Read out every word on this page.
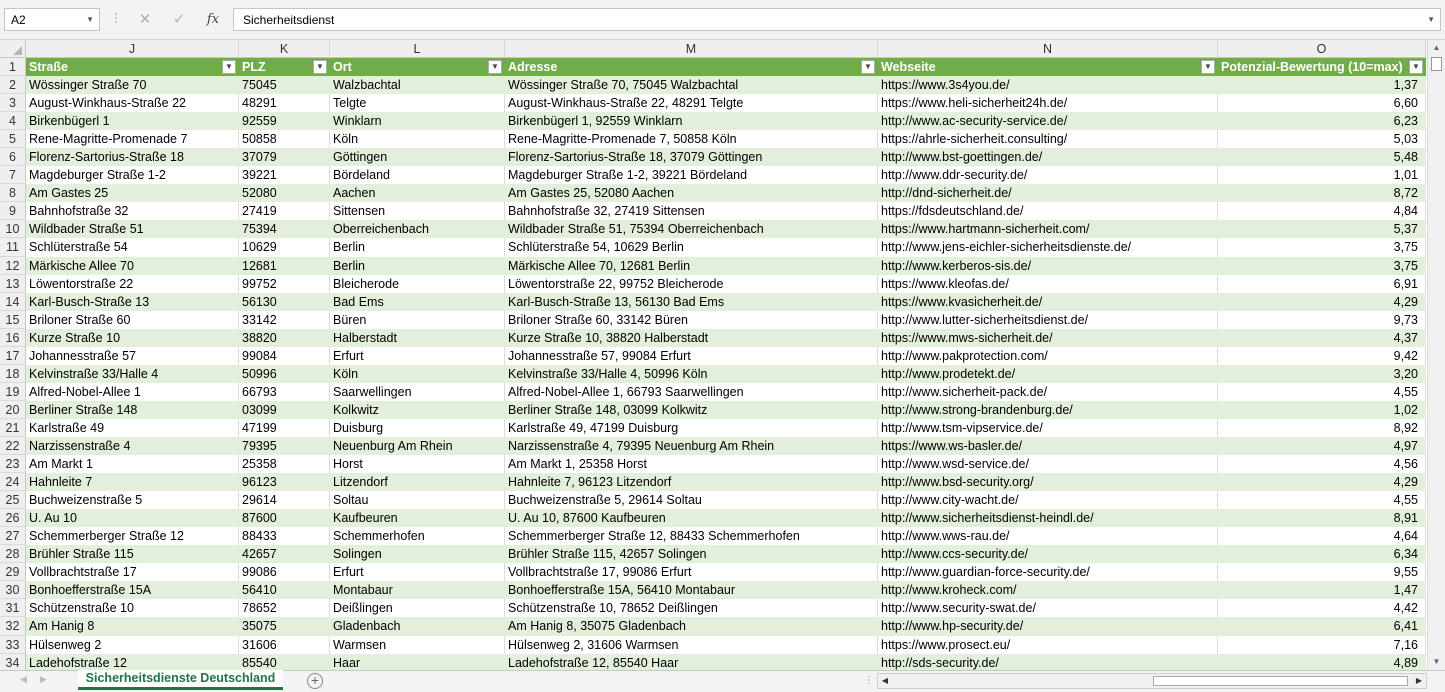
A2	▼ ⋮	✕	✓	fx	Sicherheitsdienst	▼
J	K	L	M	N	O
1	Straße	▼ PLZ	▼ Ort	▼ Adresse	▼ Webseite	▼ Potenzial-Bewertung (10=max)	▼
2	Wössinger Straße 70	75045	Walzbachtal	Wössinger Straße 70, 75045 Walzbachtal	https://www.3s4you.de/	1,37
3	August-Winkhaus-Straße 22	48291	Telgte	August-Winkhaus-Straße 22, 48291 Telgte	https://www.heli-sicherheit24h.de/	6,60
4	Birkenbügerl 1	92559	Winklarn	Birkenbügerl 1, 92559 Winklarn	http://www.ac-security-service.de/	6,23
5	Rene-Magritte-Promenade 7	50858	Köln	Rene-Magritte-Promenade 7, 50858 Köln	https://ahrle-sicherheit.consulting/	5,03
6	Florenz-Sartorius-Straße 18	37079	Göttingen	Florenz-Sartorius-Straße 18, 37079 Göttingen	http://www.bst-goettingen.de/	5,48
7	Magdeburger Straße 1-2	39221	Bördeland	Magdeburger Straße 1-2, 39221 Bördeland	http://www.ddr-security.de/	1,01
8	Am Gastes 25	52080	Aachen	Am Gastes 25, 52080 Aachen	http://dnd-sicherheit.de/	8,72
9	Bahnhofstraße 32	27419	Sittensen	Bahnhofstraße 32, 27419 Sittensen	https://fdsdeutschland.de/	4,84
10 Wildbader Straße 51	75394	Oberreichenbach	Wildbader Straße 51, 75394 Oberreichenbach	https://www.hartmann-sicherheit.com/	5,37
11 Schlüterstraße 54	10629	Berlin	Schlüterstraße 54, 10629 Berlin	http://www.jens-eichler-sicherheitsdienste.de/	3,75
12 Märkische Allee 70	12681	Berlin	Märkische Allee 70, 12681 Berlin	http://www.kerberos-sis.de/	3,75
13 Löwentorstraße 22	99752	Bleicherode	Löwentorstraße 22, 99752 Bleicherode	https://www.kleofas.de/	6,91
14 Karl-Busch-Straße 13	56130	Bad Ems	Karl-Busch-Straße 13, 56130 Bad Ems	https://www.kvasicherheit.de/	4,29
15 Briloner Straße 60	33142	Büren	Briloner Straße 60, 33142 Büren	http://www.lutter-sicherheitsdienst.de/	9,73
16 Kurze Straße 10	38820	Halberstadt	Kurze Straße 10, 38820 Halberstadt	https://www.mws-sicherheit.de/	4,37
17 Johannesstraße 57	99084	Erfurt	Johannesstraße 57, 99084 Erfurt	http://www.pakprotection.com/	9,42
18 Kelvinstraße 33/Halle 4	50996	Köln	Kelvinstraße 33/Halle 4, 50996 Köln	http://www.prodetekt.de/	3,20
19 Alfred-Nobel-Allee 1	66793	Saarwellingen	Alfred-Nobel-Allee 1, 66793 Saarwellingen	http://www.sicherheit-pack.de/	4,55
20 Berliner Straße 148	03099	Kolkwitz	Berliner Straße 148, 03099 Kolkwitz	http://www.strong-brandenburg.de/	1,02
21 Karlstraße 49	47199	Duisburg	Karlstraße 49, 47199 Duisburg	http://www.tsm-vipservice.de/	8,92
22 Narzissenstraße 4	79395	Neuenburg Am Rhein	Narzissenstraße 4, 79395 Neuenburg Am Rhein	https://www.ws-basler.de/	4,97
23 Am Markt 1	25358	Horst	Am Markt 1, 25358 Horst	http://www.wsd-service.de/	4,56
24 Hahnleite 7	96123	Litzendorf	Hahnleite 7, 96123 Litzendorf	http://www.bsd-security.org/	4,29
25 Buchweizenstraße 5	29614	Soltau	Buchweizenstraße 5, 29614 Soltau	http://www.city-wacht.de/	4,55
26 U. Au 10	87600	Kaufbeuren	U. Au 10, 87600 Kaufbeuren	http://www.sicherheitsdienst-heindl.de/	8,91
27 Schemmerberger Straße 12	88433	Schemmerhofen	Schemmerberger Straße 12, 88433 Schemmerhofen	http://www.wws-rau.de/	4,64
28 Brühler Straße 115	42657	Solingen	Brühler Straße 115, 42657 Solingen	http://www.ccs-security.de/	6,34
29 Vollbrachtstraße 17	99086	Erfurt	Vollbrachtstraße 17, 99086 Erfurt	http://www.guardian-force-security.de/	9,55
30 Bonhoefferstraße 15A	56410	Montabaur	Bonhoefferstraße 15A, 56410 Montabaur	http://www.kroheck.com/	1,47
31 Schützenstraße 10	78652	Deißlingen	Schützenstraße 10, 78652 Deißlingen	http://www.security-swat.de/	4,42
32 Am Hanig 8	35075	Gladenbach	Am Hanig 8, 35075 Gladenbach	http://www.hp-security.de/	6,41
33 Hülsenweg 2	31606	Warmsen	Hülsenweg 2, 31606 Warmsen	https://www.prosect.eu/	7,16
34 Ladehofstraße 12	85540	Haar	Ladehofstraße 12, 85540 Haar	http://sds-security.de/	4,89
▲
▼
◀ ▶	Sicherheitsdienste Deutschland	+	⋮ ◀	▶
